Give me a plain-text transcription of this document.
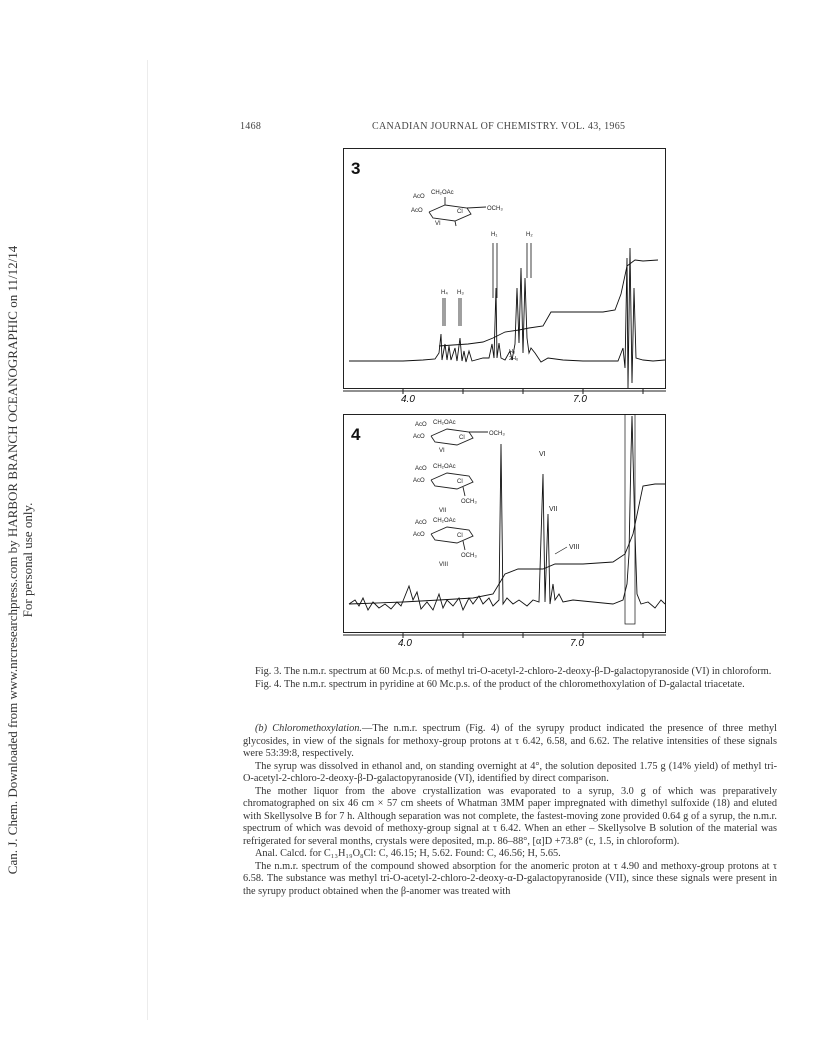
Can. J. Chem. Downloaded from www.nrcresearchpress.com by HARBOR BRANCH OCEANOGRAPHIC on 11/12/14 For personal use only.
1468	CANADIAN JOURNAL OF CHEMISTRY. VOL. 43, 1965
3
AcO
CH₂OAc
AcO	OCH₃
Cl
VI
H₄ H₃
H₁	H₂
H₅
2H₆
4.0	7.0
4	AcO CH₂OAc
AcO	OCH₃
Cl
VI
AcO CH₂OAc
AcO
OCH₃
Cl
VII
AcO CH₂OAc
AcO
OCH₃
Cl
VIII
VI
VII
VIII
4.0	7.0

Fig. 3. The n.m.r. spectrum at 60 Mc.p.s. of methyl tri-O-acetyl-2-chloro-2-deoxy-β-D-galactopyranoside (VI) in chloroform.

Fig. 4. The n.m.r. spectrum in pyridine at 60 Mc.p.s. of the product of the chloromethoxylation of D-galactal triacetate.

(b) Chloromethoxylation.—The n.m.r. spectrum (Fig. 4) of the syrupy product indicated the presence of three methyl glycosides, in view of the signals for methoxy-group protons at τ 6.42, 6.58, and 6.62. The relative intensities of these signals were 53:39:8, respectively.

The syrup was dissolved in ethanol and, on standing overnight at 4°, the solution deposited 1.75 g (14% yield) of methyl tri-O-acetyl-2-chloro-2-deoxy-β-D-galactopyranoside (VI), identified by direct comparison.

The mother liquor from the above crystallization was evaporated to a syrup, 3.0 g of which was preparatively chromatographed on six 46 cm × 57 cm sheets of Whatman 3MM paper impregnated with dimethyl sulfoxide (18) and eluted with Skellysolve B for 7 h. Although separation was not complete, the fastest-moving zone provided 0.64 g of a syrup, the n.m.r. spectrum of which was devoid of methoxy-group signal at τ 6.42. When an ether – Skellysolve B solution of the material was refrigerated for several months, crystals were deposited, m.p. 86–88°, [α]D +73.8° (c, 1.5, in chloroform).

Anal. Calcd. for C₁₃H₁₉O₈Cl: C, 46.15; H, 5.62. Found: C, 46.56; H, 5.65.

The n.m.r. spectrum of the compound showed absorption for the anomeric proton at τ 4.90 and methoxy-group protons at τ 6.58. The substance was methyl tri-O-acetyl-2-chloro-2-deoxy-α-D-galactopyranoside (VII), since these signals were present in the syrupy product obtained when the β-anomer was treated with
